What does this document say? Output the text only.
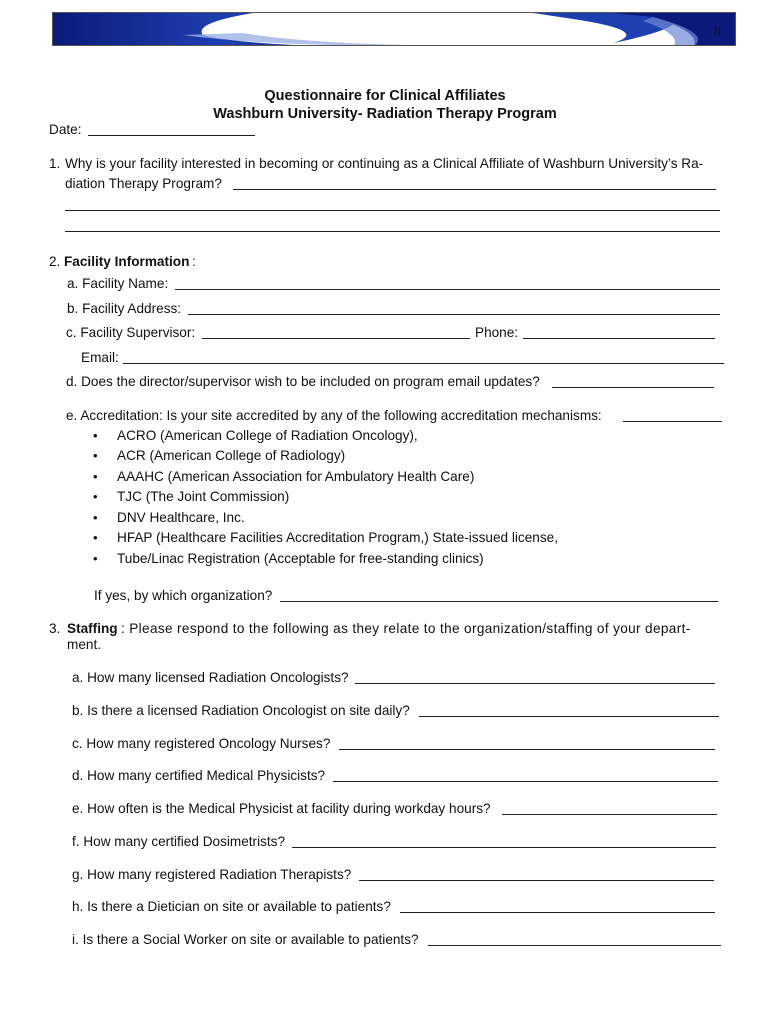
8
Questionnaire for Clinical Affiliates
Washburn University- Radiation Therapy Program
Date:
1. Why is your facility interested in becoming or continuing as a Clinical Affiliate of Washburn University’s Ra-
diation Therapy Program?
2. Facility Information :
a. Facility Name:
b. Facility Address:
c. Facility Supervisor:	Phone:
Email:
d. Does the director/supervisor wish to be included on program email updates?
e. Accreditation: Is your site accredited by any of the following accreditation mechanisms:
• ACRO (American College of Radiation Oncology),
• ACR (American College of Radiology)
• AAAHC (American Association for Ambulatory Health Care)
• TJC (The Joint Commission)
• DNV Healthcare, Inc.
• HFAP (Healthcare Facilities Accreditation Program,) State-issued license,
• Tube/Linac Registration (Acceptable for free-standing clinics)
If yes, by which organization?
3. Staffing : Please respond to the following as they relate to the organization/staffing of your depart-
ment.
a. How many licensed Radiation Oncologists?
b. Is there a licensed Radiation Oncologist on site daily?
c. How many registered Oncology Nurses?
d. How many certified Medical Physicists?
e. How often is the Medical Physicist at facility during workday hours?
f. How many certified Dosimetrists?
g. How many registered Radiation Therapists?
h. Is there a Dietician on site or available to patients?
i. Is there a Social Worker on site or available to patients?
